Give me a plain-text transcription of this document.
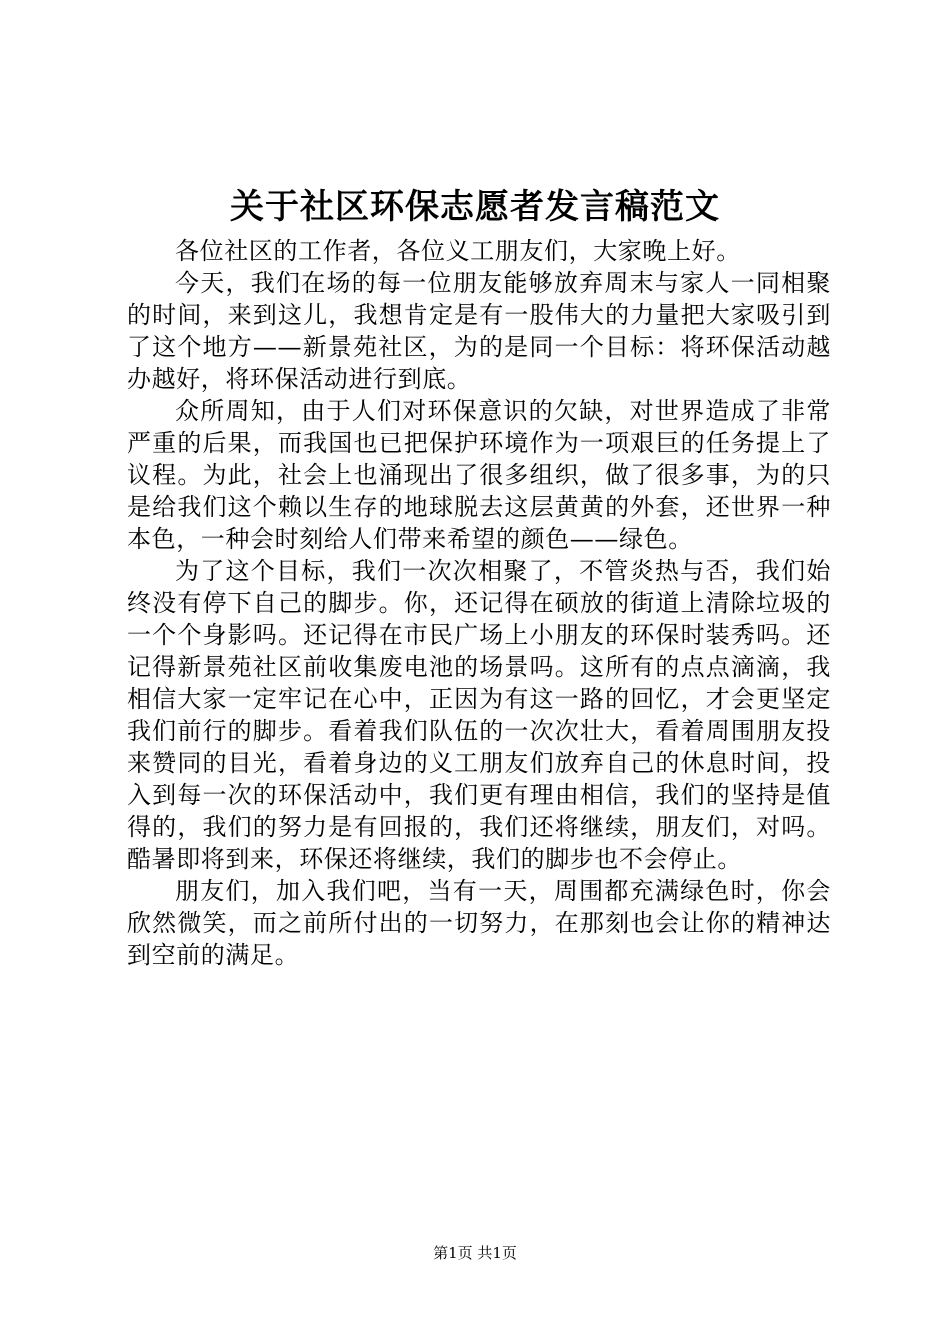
关于社区环保志愿者发言稿范文

各位社区的工作者，各位义工朋友们，大家晚上好。

今天，我们在场的每一位朋友能够放弃周末与家人一同相聚的时间，来到这儿，我想肯定是有一股伟大的力量把大家吸引到了这个地方——新景苑社区，为的是同一个目标：将环保活动越办越好，将环保活动进行到底。

众所周知，由于人们对环保意识的欠缺，对世界造成了非常严重的后果，而我国也已把保护环境作为一项艰巨的任务提上了议程。为此，社会上也涌现出了很多组织，做了很多事，为的只是给我们这个赖以生存的地球脱去这层黄黄的外套，还世界一种本色，一种会时刻给人们带来希望的颜色——绿色。

为了这个目标，我们一次次相聚了，不管炎热与否，我们始终没有停下自己的脚步。你，还记得在硕放的街道上清除垃圾的一个个身影吗。还记得在市民广场上小朋友的环保时装秀吗。还记得新景苑社区前收集废电池的场景吗。这所有的点点滴滴，我相信大家一定牢记在心中，正因为有这一路的回忆，才会更坚定我们前行的脚步。看着我们队伍的一次次壮大，看着周围朋友投来赞同的目光，看着身边的义工朋友们放弃自己的休息时间，投入到每一次的环保活动中，我们更有理由相信，我们的坚持是值得的，我们的努力是有回报的，我们还将继续，朋友们，对吗。酷暑即将到来，环保还将继续，我们的脚步也不会停止。

朋友们，加入我们吧，当有一天，周围都充满绿色时，你会欣然微笑，而之前所付出的一切努力，在那刻也会让你的精神达到空前的满足。

第1页 共1页
